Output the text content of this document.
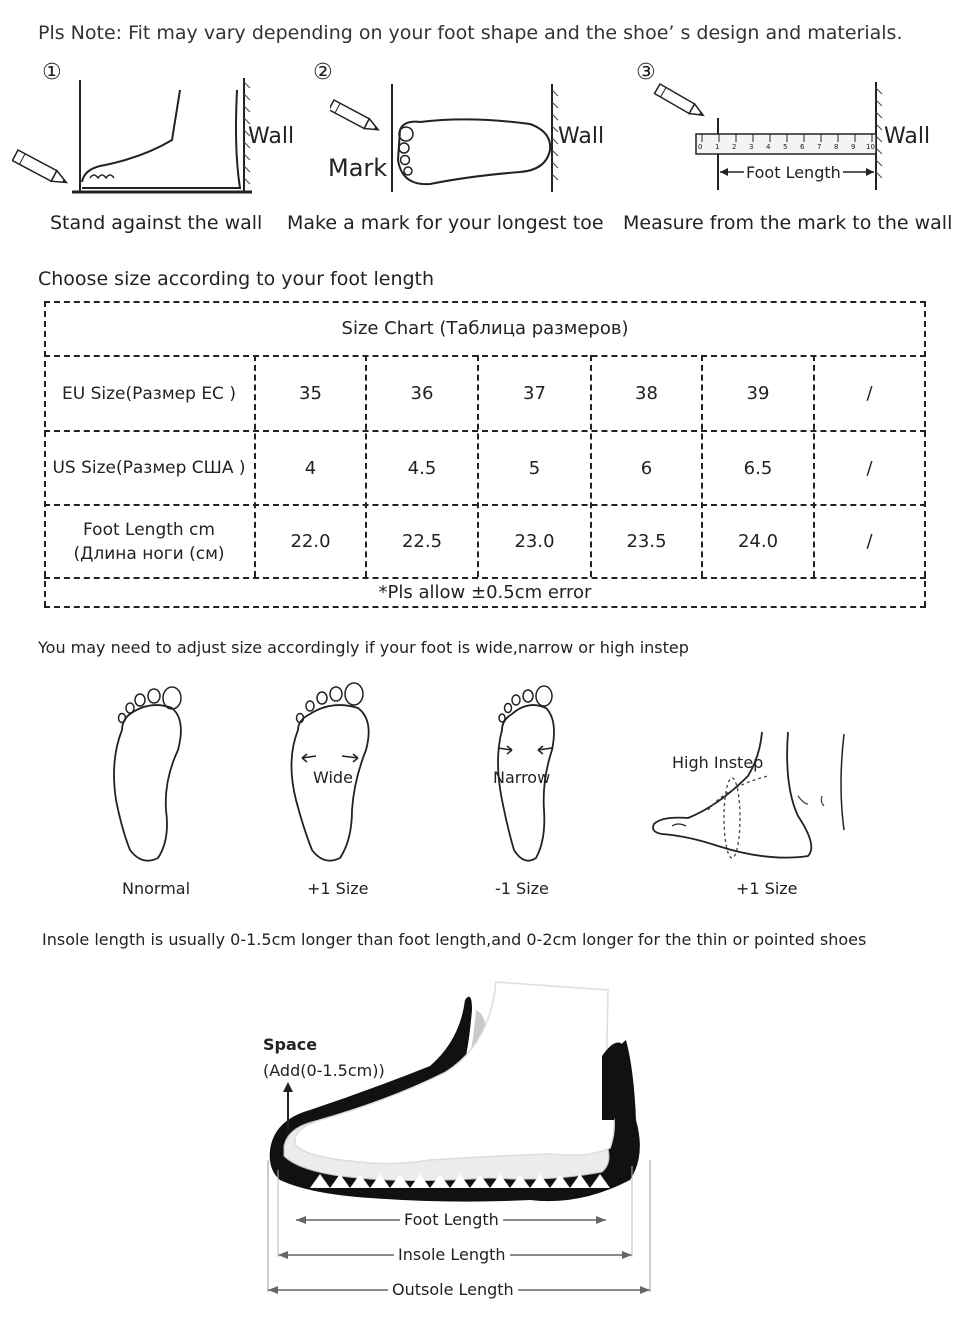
Pls Note: Fit may vary depending on your foot shape and the shoe’ s design and materials.
①
Wall
Stand against the wall
②
Mark
Wall
Make a mark for your longest toe
③
0 1 2 3 4 5 6 7 8 9 10
Foot Length
Wall
Measure from the mark to the wall
Choose size according to your foot length
Size Chart (Таблица размеров)
EU Size(Размер ЕС )	35	36	37	38	39	/
US Size(Размер США )	4	4.5	5	6	6.5	/
Foot Length cm
(Длина ноги (см)
22.0	22.5	23.0	23.5	24.0	/
*Pls allow ±0.5cm error
You may need to adjust size accordingly if your foot is wide,narrow or high instep
Wide	Narrow
High Instep
Nnormal	+1 Size	-1 Size	+1 Size
Insole length is usually 0-1.5cm longer than foot length,and 0-2cm longer for the thin or pointed shoes
Space
(Add(0-1.5cm))
Foot Length
Insole Length
Outsole Length
